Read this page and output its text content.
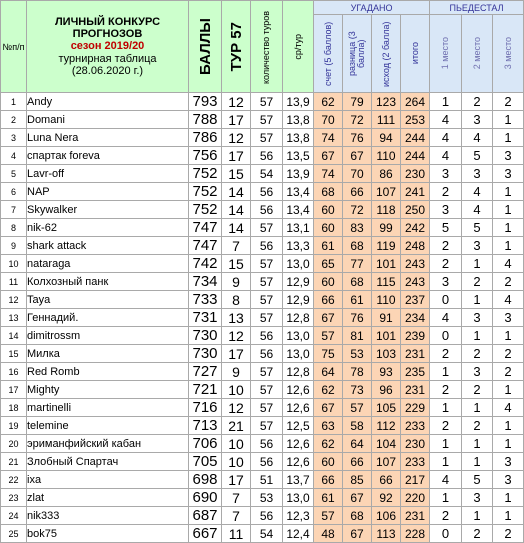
№п/п	ЛИЧНЫЙ КОНКУРС
ПРОГНОЗОВ
сезон 2019/20
турнирная таблица
(28.06.2020 г.)	БАЛЛЫ	ТУР 57	количество туров	ср/тур	УГАДАНО				ПЬЕДЕСТАЛ		

						счет (5 баллов)	разница (3 балла)	исход (2 балла)	итого	1 место	2 место	3 место

1	Andy	793	12	57	13,9	62	79	123	264	1	2	2
2	Domani	788	17	57	13,8	70	72	111	253	4	3	1
3	Luna Nera	786	12	57	13,8	74	76	94	244	4	4	1
4	спартак foreva	756	17	56	13,5	67	67	110	244	4	5	3
5	Lavr-off	752	15	54	13,9	74	70	86	230	3	3	3
6	NAP	752	14	56	13,4	68	66	107	241	2	4	1
7	Skywalker	752	14	56	13,4	60	72	118	250	3	4	1
8	nik-62	747	14	57	13,1	60	83	99	242	5	5	1
9	shark attack	747	7	56	13,3	61	68	119	248	2	3	1
10	nataraga	742	15	57	13,0	65	77	101	243	2	1	4
11	Колхозный панк	734	9	57	12,9	60	68	115	243	3	2	2
12	Taya	733	8	57	12,9	66	61	110	237	0	1	4
13	Геннадий.	731	13	57	12,8	67	76	91	234	4	3	3
14	dimitrossm	730	12	56	13,0	57	81	101	239	0	1	1
15	Милка	730	17	56	13,0	75	53	103	231	2	2	2
16	Red Romb	727	9	57	12,8	64	78	93	235	1	3	2
17	Mighty	721	10	57	12,6	62	73	96	231	2	2	1
18	martinelli	716	12	57	12,6	67	57	105	229	1	1	4
19	telemine	713	21	57	12,5	63	58	112	233	2	2	1
20	эриманфийский кабан	706	10	56	12,6	62	64	104	230	1	1	1
21	Злобный Спартач	705	10	56	12,6	60	66	107	233	1	1	3
22	ixa	698	17	51	13,7	66	85	66	217	4	5	3
23	zlat	690	7	53	13,0	61	67	92	220	1	3	1
24	nik333	687	7	56	12,3	57	68	106	231	2	1	1
25	bok75	667	11	54	12,4	48	67	113	228	0	2	2
